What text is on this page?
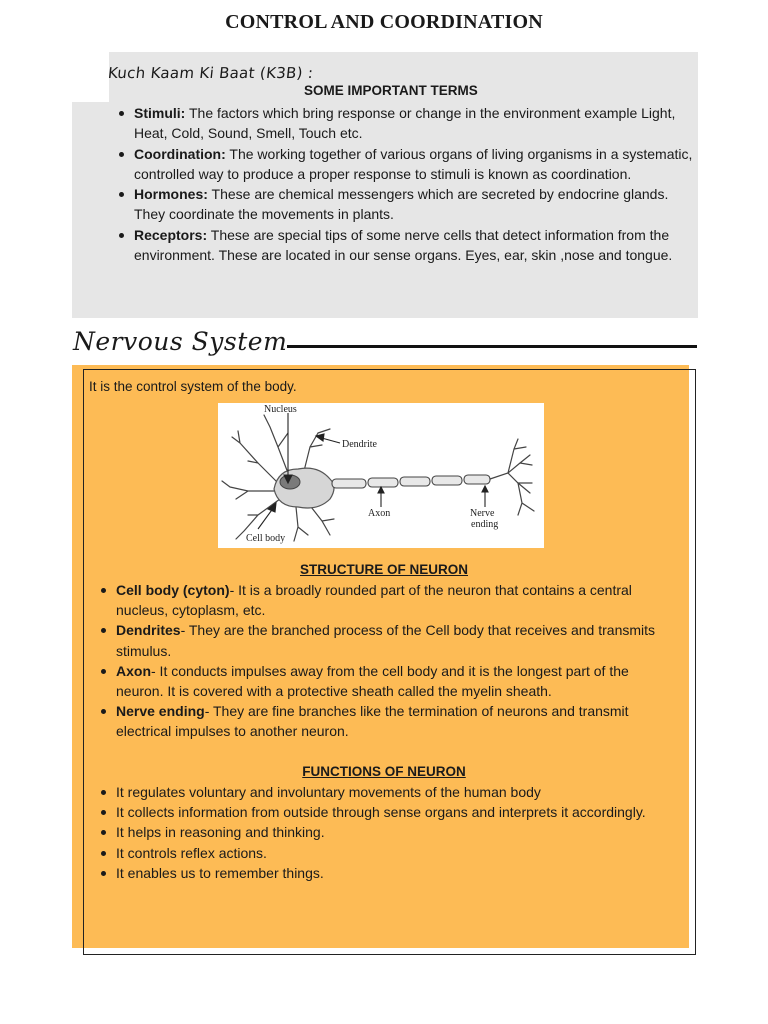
CONTROL AND COORDINATION
Kuch Kaam Ki Baat (K3B) :
SOME IMPORTANT TERMS
Stimuli: The factors which bring response or change in the environment example Light, Heat, Cold, Sound, Smell, Touch etc.
Coordination: The working together of various organs of living organisms in a systematic, controlled way to produce a proper response to stimuli is known as coordination.
Hormones: These are chemical messengers which are secreted by endocrine glands. They coordinate the movements in plants.
Receptors: These are special tips of some nerve cells that detect information from the environment. These are located in our sense organs. Eyes, ear, skin ,nose and tongue.
Nervous System
It is the control system of the body.
Nucleus
Dendrite
Axon	Nerve
ending
Cell body
STRUCTURE OF NEURON
Cell body (cyton)- It is a broadly rounded part of the neuron that contains a central nucleus, cytoplasm, etc.
Dendrites- They are the branched process of the Cell body that receives and transmits stimulus.
Axon- It conducts impulses away from the cell body and it is the longest part of the neuron. It is covered with a protective sheath called the myelin sheath.
Nerve ending- They are fine branches like the termination of neurons and transmit electrical impulses to another neuron.
FUNCTIONS OF NEURON
It regulates voluntary and involuntary movements of the human body
It collects information from outside through sense organs and interprets it accordingly.
It helps in reasoning and thinking.
It controls reflex actions.
It enables us to remember things.
